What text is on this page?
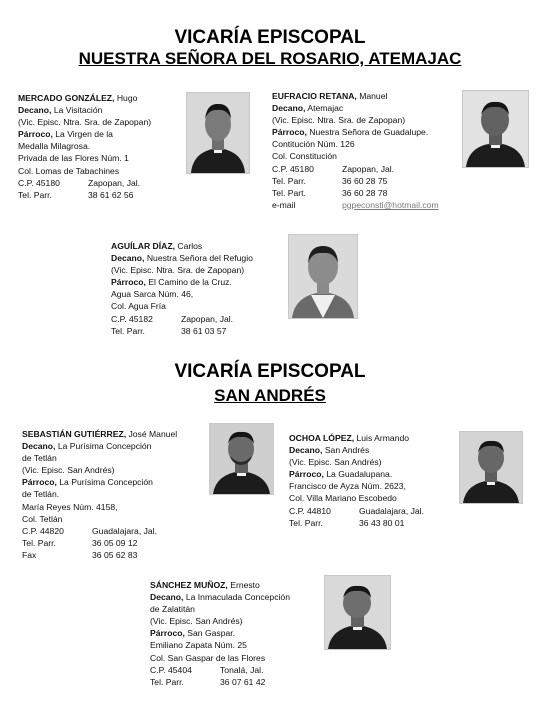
VICARÍA EPISCOPAL
NUESTRA SEÑORA DEL ROSARIO, ATEMAJAC
MERCADO GONZÁLEZ, Hugo
Decano, La Visitación
(Vic. Episc. Ntra. Sra. de Zapopan)
Párroco, La Virgen de la
Medalla Milagrosa.
Privada de las Flores Núm. 1
Col. Lomas de Tabachines
C.P. 45180	Zapopan, Jal.
Tel. Parr.	38 61 62 56
EUFRACIO RETANA, Manuel
Decano, Atemajac
(Vic. Episc. Ntra. Sra. de Zapopan)
Párroco, Nuestra Señora de Guadalupe.
Contitución Núm. 126
Col. Constitución
C.P. 45180	Zapopan, Jal.
Tel. Parr.	36 60 28 75
Tel. Part.	36 60 28 78
e-mail	pgpeconsti@hotmail.com
AGUÍLAR DÍAZ, Carlos
Decano, Nuestra Señora del Refugio
(Vic. Episc. Ntra. Sra. de Zapopan)
Párroco, El Camino de la Cruz.
Agua Sarca Núm. 46,
Col. Agua Fría
C.P. 45182	Zapopan, Jal.
Tel. Parr.	38 61 03 57
VICARÍA EPISCOPAL
SAN ANDRÉS
SEBASTIÁN GUTIÉRREZ, José Manuel
Decano, La Purísima Concepción
de Tetlán
(Vic. Episc. San Andrés)
Párroco, La Purísima Concepción
de Tetlán.
María Reyes Núm. 4158,
Col. Tetlán
C.P. 44820	Guadalajara, Jal.
Tel. Parr.	36 05 09 12
Fax	36 05 62 83
OCHOA LÓPEZ, Luis Armando
Decano, San Andrés
(Vic. Episc. San Andrés)
Párroco, La Guadalupana.
Francisco de Ayza Núm. 2623,
Col. Villa Mariano Escobedo
C.P. 44810	Guadalajara, Jal.
Tel. Parr.	36 43 80 01
SÁNCHEZ MUÑOZ, Ernesto
Decano, La Inmaculada Concepción
de Zalatitán
(Vic. Episc. San Andrés)
Párroco, San Gaspar.
Emiliano Zapata Núm. 25
Col. San Gaspar de las Flores
C.P. 45404	Tonalá, Jal.
Tel. Parr.	36 07 61 42
